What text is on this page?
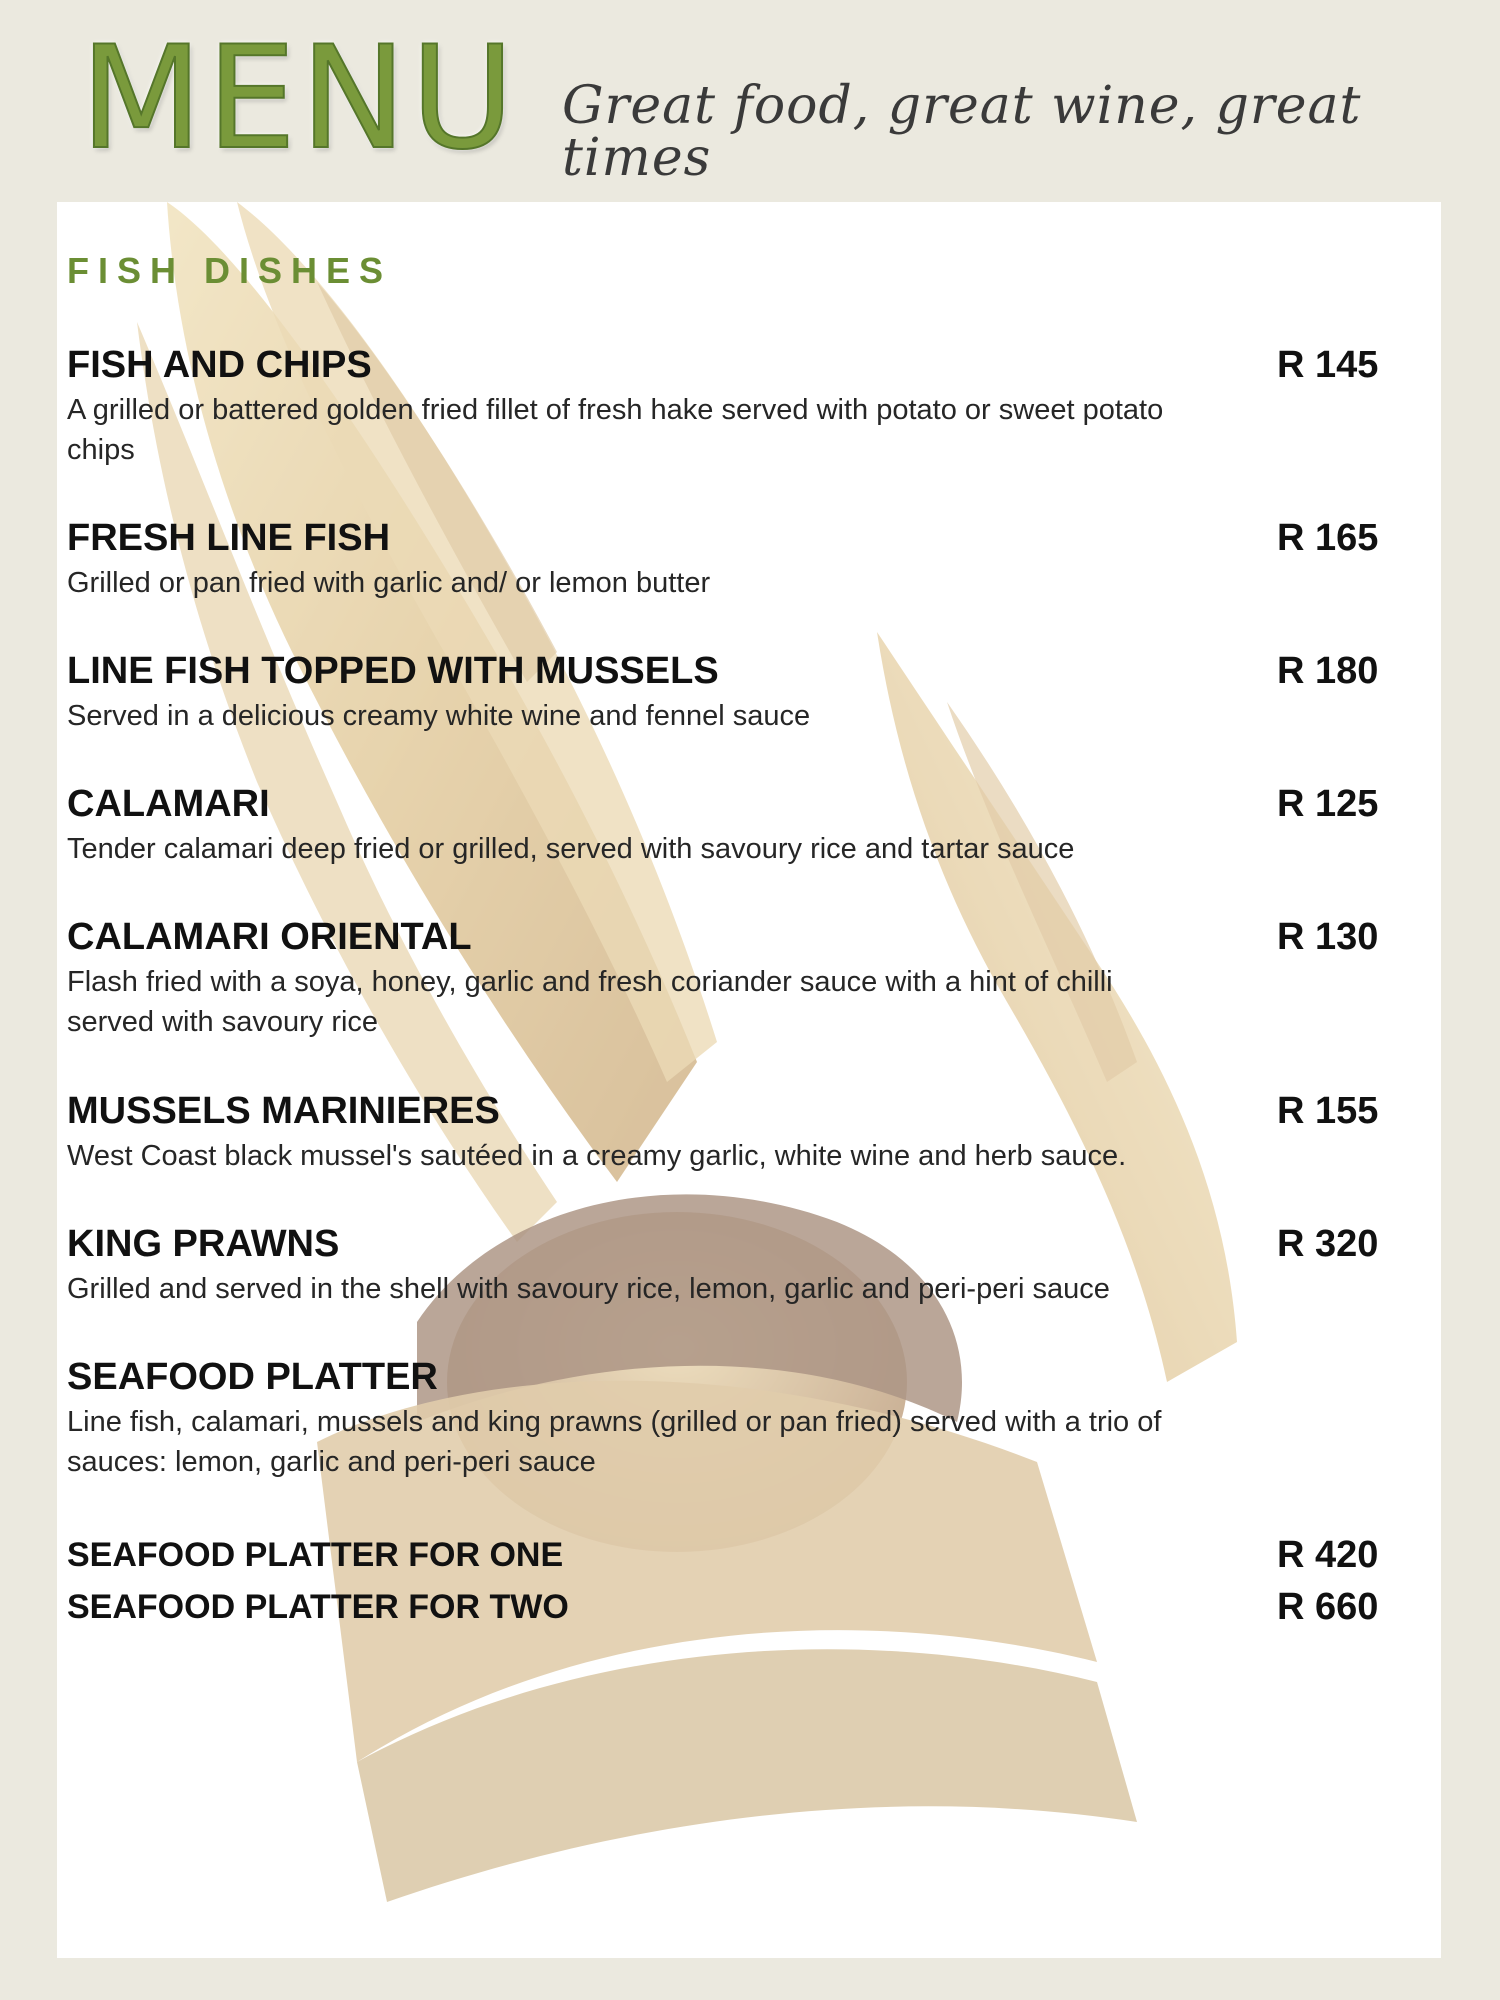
MENU Great food, great wine, great times
FISH DISHES
FISH AND CHIPS
A grilled or battered golden fried fillet of fresh hake served with potato or sweet potato chips
R 145
FRESH LINE FISH
Grilled or pan fried with garlic and/ or lemon butter
R 165
LINE FISH TOPPED WITH MUSSELS
Served in a delicious creamy white wine and fennel sauce
R 180
CALAMARI
Tender calamari deep fried or grilled, served with savoury rice and tartar sauce
R 125
CALAMARI ORIENTAL
Flash fried with a soya, honey, garlic and fresh coriander sauce with a hint of chilli served with savoury rice
R 130
MUSSELS MARINIERES
West Coast black mussel's sautéed in a creamy garlic, white wine and herb sauce.
R 155
KING PRAWNS
Grilled and served in the shell with savoury rice, lemon, garlic and peri-peri sauce
R 320
SEAFOOD PLATTER
Line fish, calamari, mussels and king prawns (grilled or pan fried) served with a trio of sauces: lemon, garlic and peri-peri sauce
SEAFOOD PLATTER FOR ONE	R 420
SEAFOOD PLATTER FOR TWO	R 660
